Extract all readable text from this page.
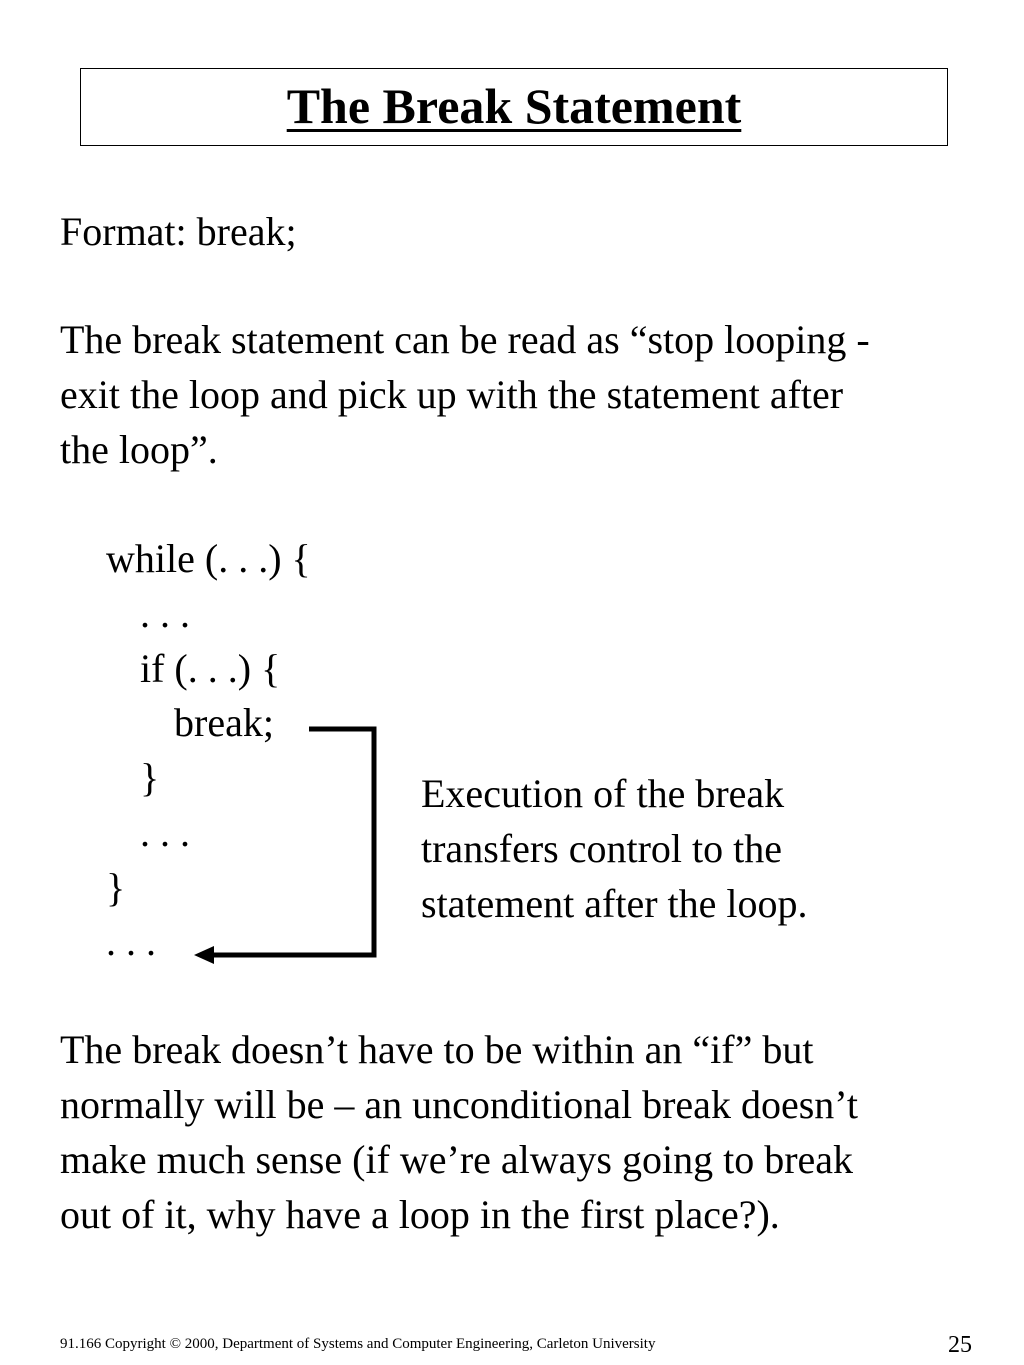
The Break Statement
Format: break;
The break statement can be read as “stop looping -
exit the loop and pick up with the statement after
the loop”.
while (. . .) {
. . .
if (. . .) {
break;
}
. . .
}
. . .
Execution of the break
transfers control to the
statement after the loop.
The break doesn’t have to be within an “if” but
normally will be – an unconditional break doesn’t
make much sense (if we’re always going to break
out of it, why have a loop in the first place?).
91.166 Copyright © 2000, Department of Systems and Computer Engineering, Carleton University	25
